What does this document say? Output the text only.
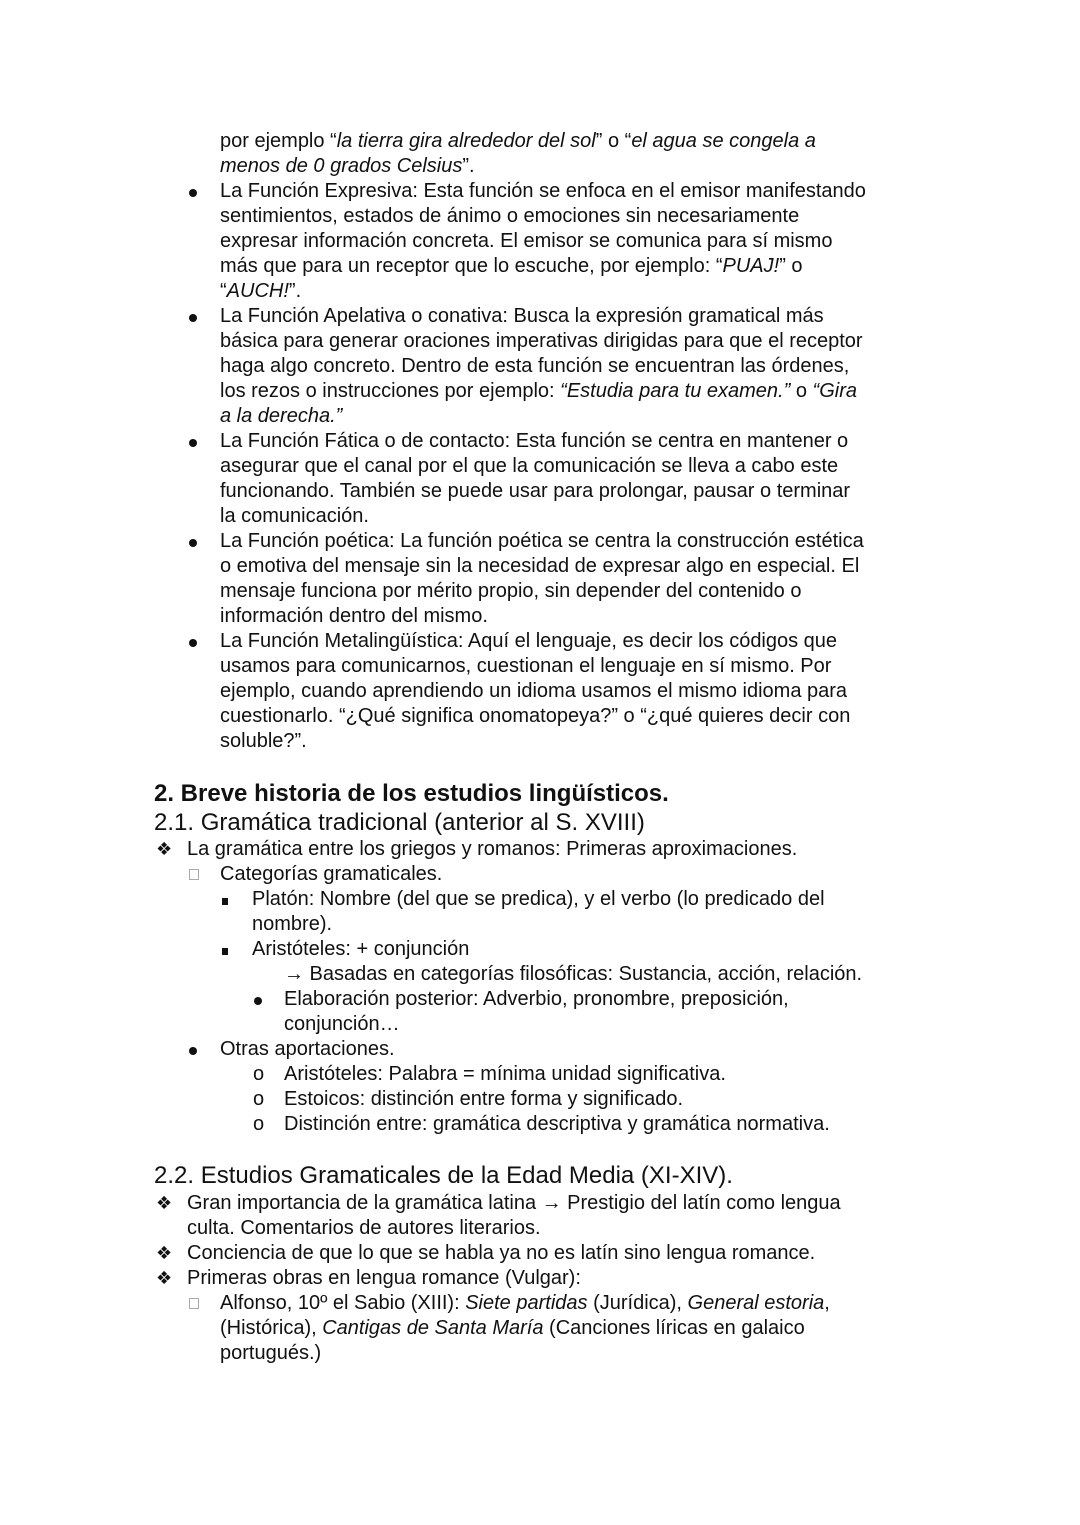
por ejemplo “la tierra gira alrededor del sol” o “el agua se congela a
menos de 0 grados Celsius”.
La Función Expresiva: Esta función se enfoca en el emisor manifestando
sentimientos, estados de ánimo o emociones sin necesariamente
expresar información concreta. El emisor se comunica para sí mismo
más que para un receptor que lo escuche, por ejemplo: “PUAJ!” o
“AUCH!”.
La Función Apelativa o conativa: Busca la expresión gramatical más
básica para generar oraciones imperativas dirigidas para que el receptor
haga algo concreto. Dentro de esta función se encuentran las órdenes,
los rezos o instrucciones por ejemplo: “Estudia para tu examen.” o “Gira
a la derecha.”
La Función Fática o de contacto: Esta función se centra en mantener o
asegurar que el canal por el que la comunicación se lleva a cabo este
funcionando. También se puede usar para prolongar, pausar o terminar
la comunicación.
La Función poética: La función poética se centra la construcción estética
o emotiva del mensaje sin la necesidad de expresar algo en especial. El
mensaje funciona por mérito propio, sin depender del contenido o
información dentro del mismo.
La Función Metalingüística: Aquí el lenguaje, es decir los códigos que
usamos para comunicarnos, cuestionan el lenguaje en sí mismo. Por
ejemplo, cuando aprendiendo un idioma usamos el mismo idioma para
cuestionarlo. “¿Qué significa onomatopeya?” o “¿qué quieres decir con
soluble?”.
2. Breve historia de los estudios lingüísticos.
2.1. Gramática tradicional (anterior al S. XVIII)
❖ La gramática entre los griegos y romanos: Primeras aproximaciones.
Categorías gramaticales.
Platón: Nombre (del que se predica), y el verbo (lo predicado del
nombre).
Aristóteles: + conjunción
→ Basadas en categorías filosóficas: Sustancia, acción, relación.
Elaboración posterior: Adverbio, pronombre, preposición,
conjunción…
Otras aportaciones.
o Aristóteles: Palabra = mínima unidad significativa.
o Estoicos: distinción entre forma y significado.
o Distinción entre: gramática descriptiva y gramática normativa.
2.2. Estudios Gramaticales de la Edad Media (XI-XIV).
❖ Gran importancia de la gramática latina → Prestigio del latín como lengua
culta. Comentarios de autores literarios.
❖ Conciencia de que lo que se habla ya no es latín sino lengua romance.
❖ Primeras obras en lengua romance (Vulgar):
Alfonso, 10º el Sabio (XIII): Siete partidas (Jurídica), General estoria,
(Histórica), Cantigas de Santa María (Canciones líricas en galaico
portugués.)
